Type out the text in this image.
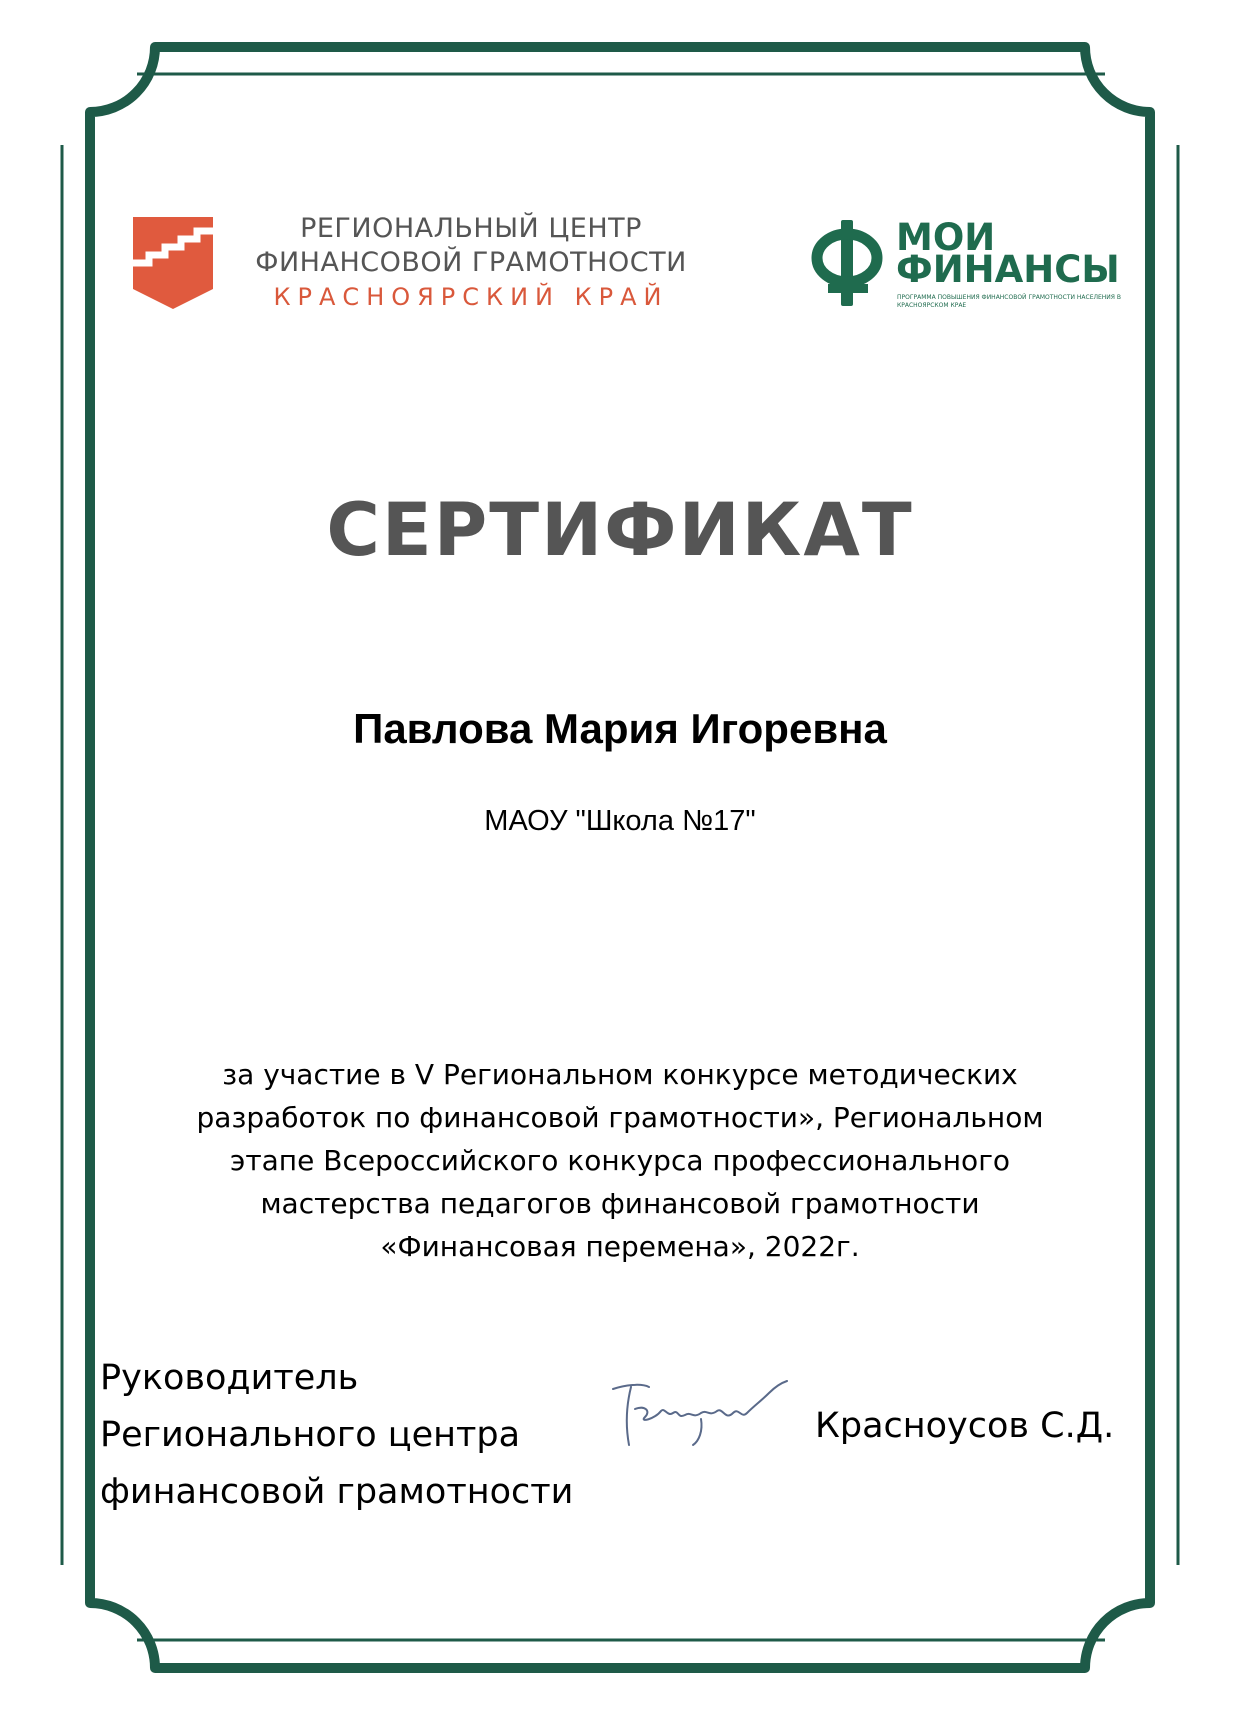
РЕГИОНАЛЬНЫЙ ЦЕНТР
ФИНАНСОВОЙ ГРАМОТНОСТИ
КРАСНОЯРСКИЙ КРАЙ
МОИ
ФИНАНСЫ
ПРОГРАММА ПОВЫШЕНИЯ ФИНАНСОВОЙ ГРАМОТНОСТИ НАСЕЛЕНИЯ В КРАСНОЯРСКОМ КРАЕ
СЕРТИФИКАТ
Павлова Мария Игоревна
МАОУ "Школа №17"
за участие в V Региональном конкурсе методических
разработок по финансовой грамотности», Региональном
этапе Всероссийского конкурса профессионального
мастерства педагогов финансовой грамотности
«Финансовая перемена», 2022г.
Руководитель
Регионального центра
финансовой грамотности
Красноусов С.Д.
